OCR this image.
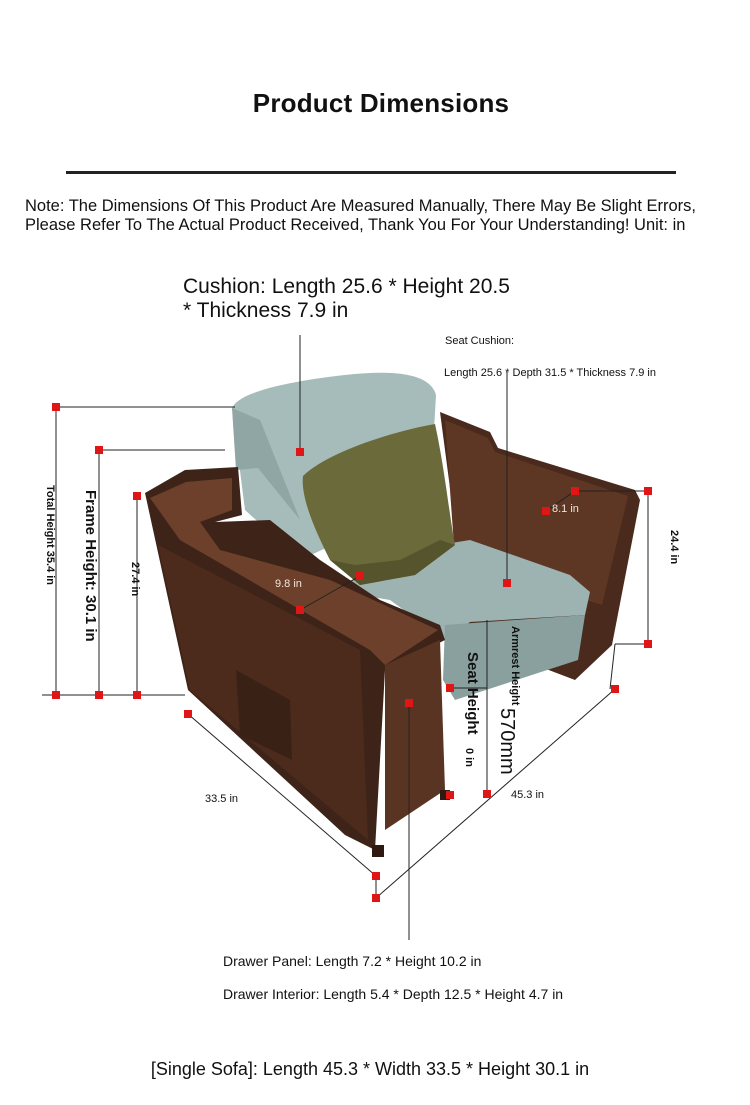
Product Dimensions
Note: The Dimensions Of This Product Are Measured Manually, There May Be Slight Errors, Please Refer To The Actual Product Received, Thank You For Your Understanding! Unit: in
Cushion: Length 25.6 * Height 20.5 * Thickness 7.9 in
Seat Cushion:
Length 25.6 * Depth 31.5 * Thickness 7.9 in
Total Height 35.4 in Frame Height: 30.1 in	27.4 in
24.4 in
Armrest Height
Seat Height
0 in 570mm
9.8 in
8.1 in
33.5 in	45.3 in
Drawer Panel: Length 7.2 * Height 10.2 in
Drawer Interior: Length 5.4 * Depth 12.5 * Height 4.7 in
[Single Sofa]: Length 45.3 * Width 33.5 * Height 30.1 in
